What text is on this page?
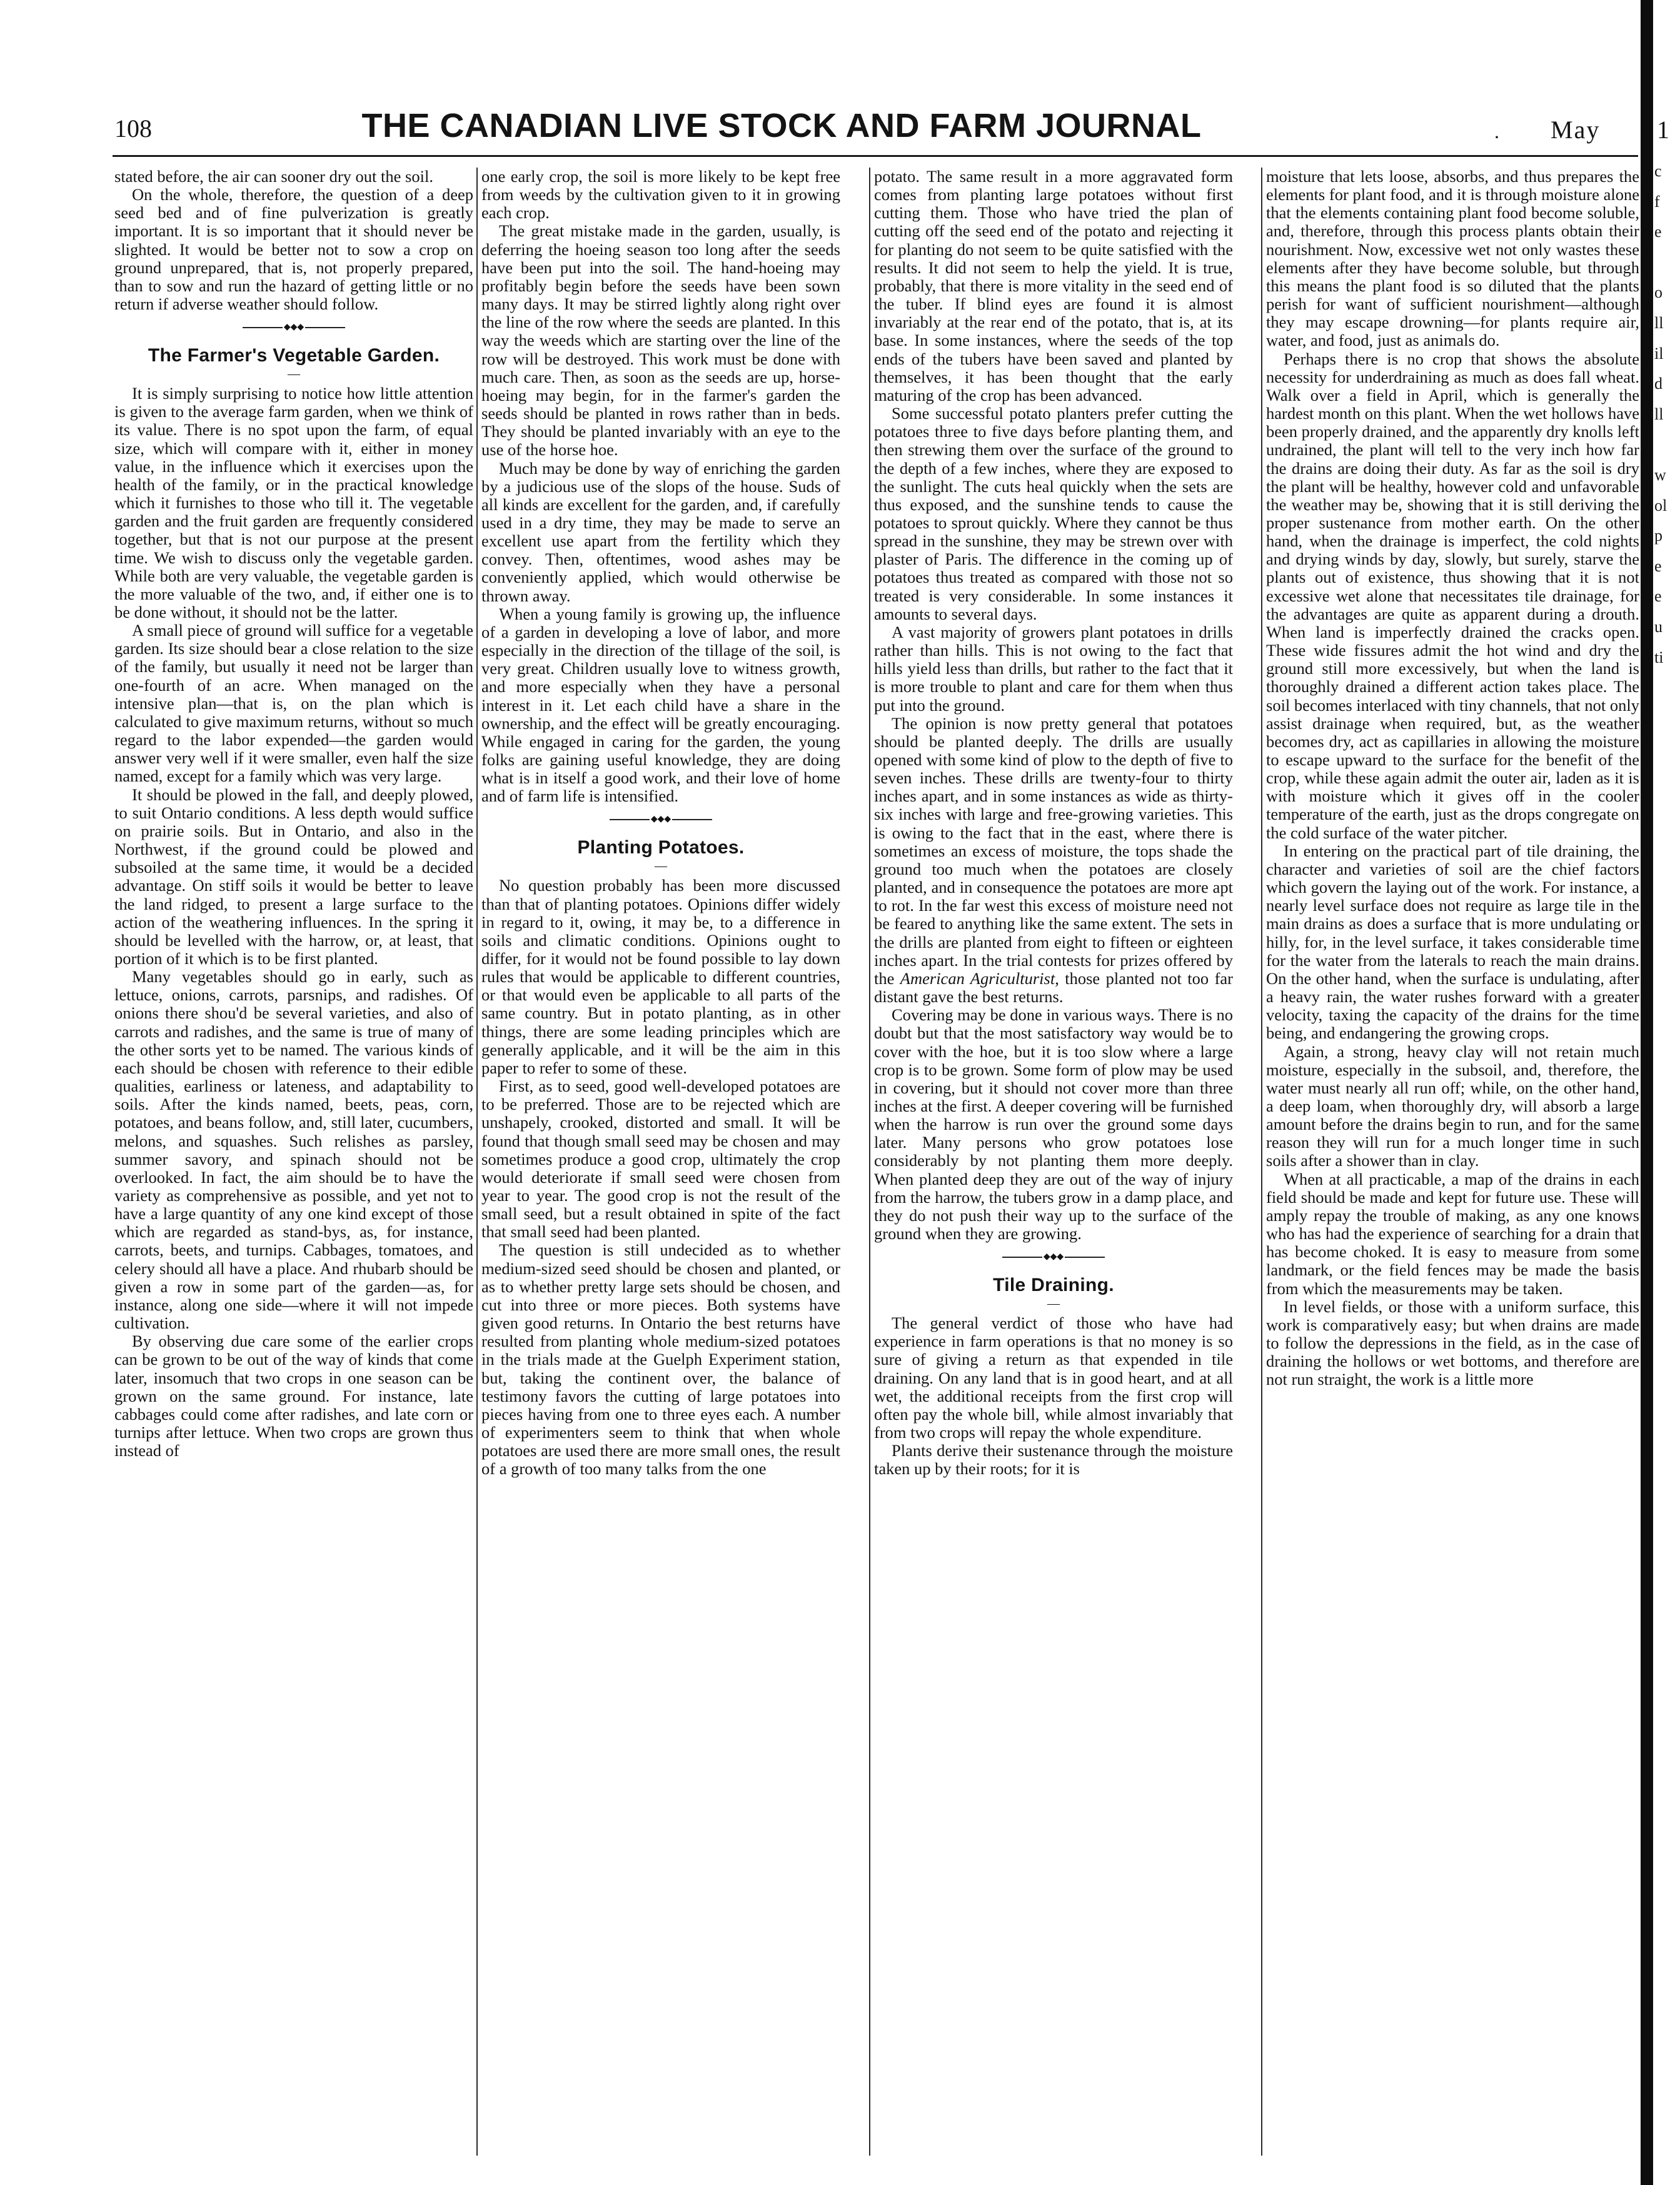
108	THE CANADIAN LIVE STOCK AND FARM JOURNAL	. May 1

stated before, the air can sooner dry out the soil.

On the whole, therefore, the question of a deep seed bed and of fine pulverization is greatly important. It is so important that it should never be slighted. It would be better not to sow a crop on ground unprepared, that is, not properly prepared, than to sow and run the hazard of getting little or no return if adverse weather should follow.

◆◆◆
The Farmer's Vegetable Garden.
—

It is simply surprising to notice how little attention is given to the average farm garden, when we think of its value. There is no spot upon the farm, of equal size, which will compare with it, either in money value, in the influence which it exercises upon the health of the family, or in the practical knowledge which it furnishes to those who till it. The vegetable garden and the fruit garden are frequently considered together, but that is not our purpose at the present time. We wish to discuss only the vegetable garden. While both are very valuable, the vegetable garden is the more valuable of the two, and, if either one is to be done without, it should not be the latter.

A small piece of ground will suffice for a vegetable garden. Its size should bear a close relation to the size of the family, but usually it need not be larger than one-fourth of an acre. When managed on the intensive plan—that is, on the plan which is calculated to give maximum returns, without so much regard to the labor expended—the garden would answer very well if it were smaller, even half the size named, except for a family which was very large.

It should be plowed in the fall, and deeply plowed, to suit Ontario conditions. A less depth would suffice on prairie soils. But in Ontario, and also in the Northwest, if the ground could be plowed and subsoiled at the same time, it would be a decided advantage. On stiff soils it would be better to leave the land ridged, to present a large surface to the action of the weathering influences. In the spring it should be levelled with the harrow, or, at least, that portion of it which is to be first planted.

Many vegetables should go in early, such as lettuce, onions, carrots, parsnips, and radishes. Of onions there shou'd be several varieties, and also of carrots and radishes, and the same is true of many of the other sorts yet to be named. The various kinds of each should be chosen with reference to their edible qualities, earliness or lateness, and adaptability to soils. After the kinds named, beets, peas, corn, potatoes, and beans follow, and, still later, cucumbers, melons, and squashes. Such relishes as parsley, summer savory, and spinach should not be overlooked. In fact, the aim should be to have the variety as comprehensive as possible, and yet not to have a large quantity of any one kind except of those which are regarded as stand-bys, as, for instance, carrots, beets, and turnips. Cabbages, tomatoes, and celery should all have a place. And rhubarb should be given a row in some part of the garden—as, for instance, along one side—where it will not impede cultivation.

By observing due care some of the earlier crops can be grown to be out of the way of kinds that come later, insomuch that two crops in one season can be grown on the same ground. For instance, late cabbages could come after radishes, and late corn or turnips after lettuce. When two crops are grown thus instead of

one early crop, the soil is more likely to be kept free from weeds by the cultivation given to it in growing each crop.

The great mistake made in the garden, usually, is deferring the hoeing season too long after the seeds have been put into the soil. The hand-hoeing may profitably begin before the seeds have been sown many days. It may be stirred lightly along right over the line of the row where the seeds are planted. In this way the weeds which are starting over the line of the row will be destroyed. This work must be done with much care. Then, as soon as the seeds are up, horse-hoeing may begin, for in the farmer's garden the seeds should be planted in rows rather than in beds. They should be planted invariably with an eye to the use of the horse hoe.

Much may be done by way of enriching the garden by a judicious use of the slops of the house. Suds of all kinds are excellent for the garden, and, if carefully used in a dry time, they may be made to serve an excellent use apart from the fertility which they convey. Then, oftentimes, wood ashes may be conveniently applied, which would otherwise be thrown away.

When a young family is growing up, the influence of a garden in developing a love of labor, and more especially in the direction of the tillage of the soil, is very great. Children usually love to witness growth, and more especially when they have a personal interest in it. Let each child have a share in the ownership, and the effect will be greatly encouraging. While engaged in caring for the garden, the young folks are gaining useful knowledge, they are doing what is in itself a good work, and their love of home and of farm life is intensified.

◆◆◆
Planting Potatoes.
—

No question probably has been more discussed than that of planting potatoes. Opinions differ widely in regard to it, owing, it may be, to a difference in soils and climatic conditions. Opinions ought to differ, for it would not be found possible to lay down rules that would be applicable to different countries, or that would even be applicable to all parts of the same country. But in potato planting, as in other things, there are some leading principles which are generally applicable, and it will be the aim in this paper to refer to some of these.

First, as to seed, good well-developed potatoes are to be preferred. Those are to be rejected which are unshapely, crooked, distorted and small. It will be found that though small seed may be chosen and may sometimes produce a good crop, ultimately the crop would deteriorate if small seed were chosen from year to year. The good crop is not the result of the small seed, but a result obtained in spite of the fact that small seed had been planted.

The question is still undecided as to whether medium-sized seed should be chosen and planted, or as to whether pretty large sets should be chosen, and cut into three or more pieces. Both systems have given good returns. In Ontario the best returns have resulted from planting whole medium-sized potatoes in the trials made at the Guelph Experiment station, but, taking the continent over, the balance of testimony favors the cutting of large potatoes into pieces having from one to three eyes each. A number of experimenters seem to think that when whole potatoes are used there are more small ones, the result of a growth of too many talks from the one

potato. The same result in a more aggravated form comes from planting large potatoes without first cutting them. Those who have tried the plan of cutting off the seed end of the potato and rejecting it for planting do not seem to be quite satisfied with the results. It did not seem to help the yield. It is true, probably, that there is more vitality in the seed end of the tuber. If blind eyes are found it is almost invariably at the rear end of the potato, that is, at its base. In some instances, where the seeds of the top ends of the tubers have been saved and planted by themselves, it has been thought that the early maturing of the crop has been advanced.

Some successful potato planters prefer cutting the potatoes three to five days before planting them, and then strewing them over the surface of the ground to the depth of a few inches, where they are exposed to the sunlight. The cuts heal quickly when the sets are thus exposed, and the sunshine tends to cause the potatoes to sprout quickly. Where they cannot be thus spread in the sunshine, they may be strewn over with plaster of Paris. The difference in the coming up of potatoes thus treated as compared with those not so treated is very considerable. In some instances it amounts to several days.

A vast majority of growers plant potatoes in drills rather than hills. This is not owing to the fact that hills yield less than drills, but rather to the fact that it is more trouble to plant and care for them when thus put into the ground.

The opinion is now pretty general that potatoes should be planted deeply. The drills are usually opened with some kind of plow to the depth of five to seven inches. These drills are twenty-four to thirty inches apart, and in some instances as wide as thirty-six inches with large and free-growing varieties. This is owing to the fact that in the east, where there is sometimes an excess of moisture, the tops shade the ground too much when the potatoes are closely planted, and in consequence the potatoes are more apt to rot. In the far west this excess of moisture need not be feared to anything like the same extent. The sets in the drills are planted from eight to fifteen or eighteen inches apart. In the trial contests for prizes offered by the American Agriculturist, those planted not too far distant gave the best returns.

Covering may be done in various ways. There is no doubt but that the most satisfactory way would be to cover with the hoe, but it is too slow where a large crop is to be grown. Some form of plow may be used in covering, but it should not cover more than three inches at the first. A deeper covering will be furnished when the harrow is run over the ground some days later. Many persons who grow potatoes lose considerably by not planting them more deeply. When planted deep they are out of the way of injury from the harrow, the tubers grow in a damp place, and they do not push their way up to the surface of the ground when they are growing.

◆◆◆
Tile Draining.
—

The general verdict of those who have had experience in farm operations is that no money is so sure of giving a return as that expended in tile draining. On any land that is in good heart, and at all wet, the additional receipts from the first crop will often pay the whole bill, while almost invariably that from two crops will repay the whole expenditure.

Plants derive their sustenance through the moisture taken up by their roots; for it is

moisture that lets loose, absorbs, and thus prepares the elements for plant food, and it is through moisture alone that the elements containing plant food become soluble, and, therefore, through this process plants obtain their nourishment. Now, excessive wet not only wastes these elements after they have become soluble, but through this means the plant food is so diluted that the plants perish for want of sufficient nourishment—although they may escape drowning—for plants require air, water, and food, just as animals do.

Perhaps there is no crop that shows the absolute necessity for underdraining as much as does fall wheat. Walk over a field in April, which is generally the hardest month on this plant. When the wet hollows have been properly drained, and the apparently dry knolls left undrained, the plant will tell to the very inch how far the drains are doing their duty. As far as the soil is dry the plant will be healthy, however cold and unfavorable the weather may be, showing that it is still deriving the proper sustenance from mother earth. On the other hand, when the drainage is imperfect, the cold nights and drying winds by day, slowly, but surely, starve the plants out of existence, thus showing that it is not excessive wet alone that necessitates tile drainage, for the advantages are quite as apparent during a drouth. When land is imperfectly drained the cracks open. These wide fissures admit the hot wind and dry the ground still more excessively, but when the land is thoroughly drained a different action takes place. The soil becomes interlaced with tiny channels, that not only assist drainage when required, but, as the weather becomes dry, act as capillaries in allowing the moisture to escape upward to the surface for the benefit of the crop, while these again admit the outer air, laden as it is with moisture which it gives off in the cooler temperature of the earth, just as the drops congregate on the cold surface of the water pitcher.

In entering on the practical part of tile draining, the character and varieties of soil are the chief factors which govern the laying out of the work. For instance, a nearly level surface does not require as large tile in the main drains as does a surface that is more undulating or hilly, for, in the level surface, it takes considerable time for the water from the laterals to reach the main drains. On the other hand, when the surface is undulating, after a heavy rain, the water rushes forward with a greater velocity, taxing the capacity of the drains for the time being, and endangering the growing crops.

Again, a strong, heavy clay will not retain much moisture, especially in the subsoil, and, therefore, the water must nearly all run off; while, on the other hand, a deep loam, when thoroughly dry, will absorb a large amount before the drains begin to run, and for the same reason they will run for a much longer time in such soils after a shower than in clay.

When at all practicable, a map of the drains in each field should be made and kept for future use. These will amply repay the trouble of making, as any one knows who has had the experience of searching for a drain that has become choked. It is easy to measure from some landmark, or the field fences may be made the basis from which the measurements may be taken.

In level fields, or those with a uniform surface, this work is comparatively easy; but when drains are made to follow the depressions in the field, as in the case of draining the hollows or wet bottoms, and therefore are not run straight, the work is a little more

c
f
e
o
ll
il
d
ll
w
ol
p
e
e
u
ti
